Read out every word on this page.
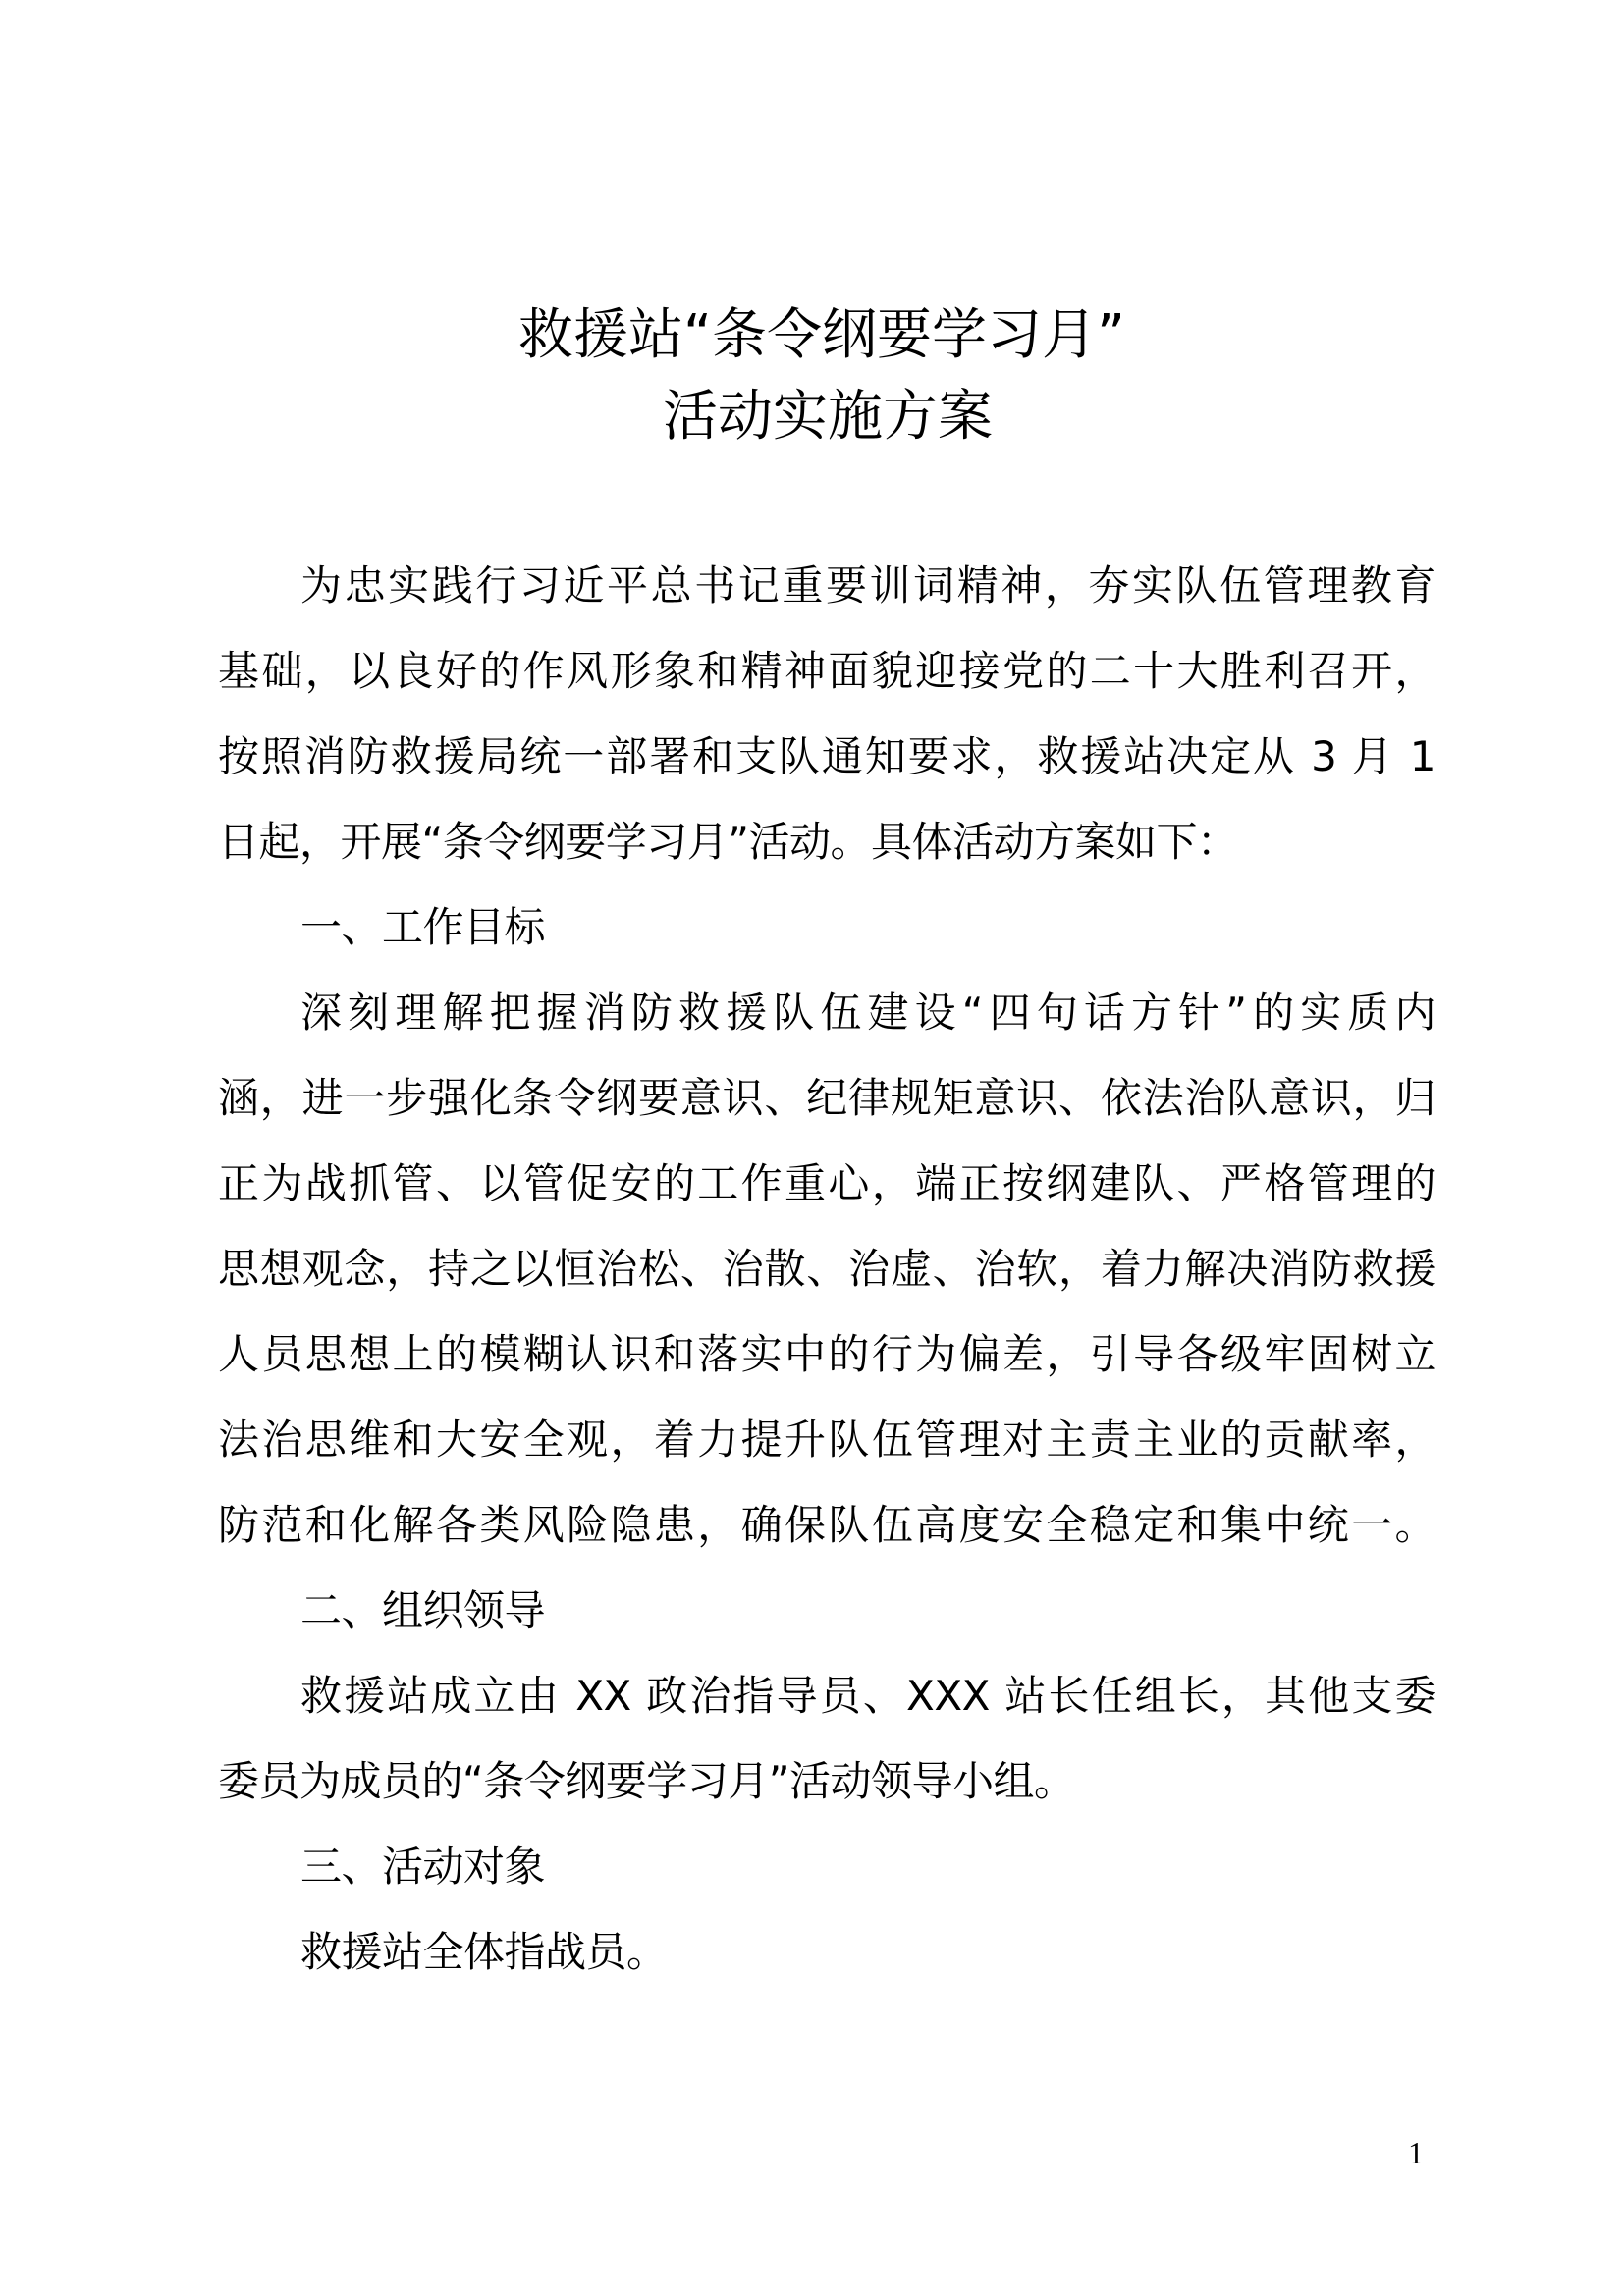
救援站“条令纲要学习月”
活动实施方案
为忠实践行习近平总书记重要训词精神，夯实队伍管理教育
基础，以良好的作风形象和精神面貌迎接党的二十大胜利召开，
按照消防救援局统一部署和支队通知要求，救援站决定从 3 月 1
日起，开展“条令纲要学习月”活动。具体活动方案如下：
一、工作目标
深刻理解把握消防救援队伍建设“四句话方针”的实质内
涵，进一步强化条令纲要意识、纪律规矩意识、依法治队意识，归
正为战抓管、以管促安的工作重心，端正按纲建队、严格管理的
思想观念，持之以恒治松、治散、治虚、治软，着力解决消防救援
人员思想上的模糊认识和落实中的行为偏差，引导各级牢固树立
法治思维和大安全观，着力提升队伍管理对主责主业的贡献率，
防范和化解各类风险隐患，确保队伍高度安全稳定和集中统一。
二、组织领导
救援站成立由 XX 政治指导员、XXX 站长任组长，其他支委
委员为成员的“条令纲要学习月”活动领导小组。
三、活动对象
救援站全体指战员。
1
